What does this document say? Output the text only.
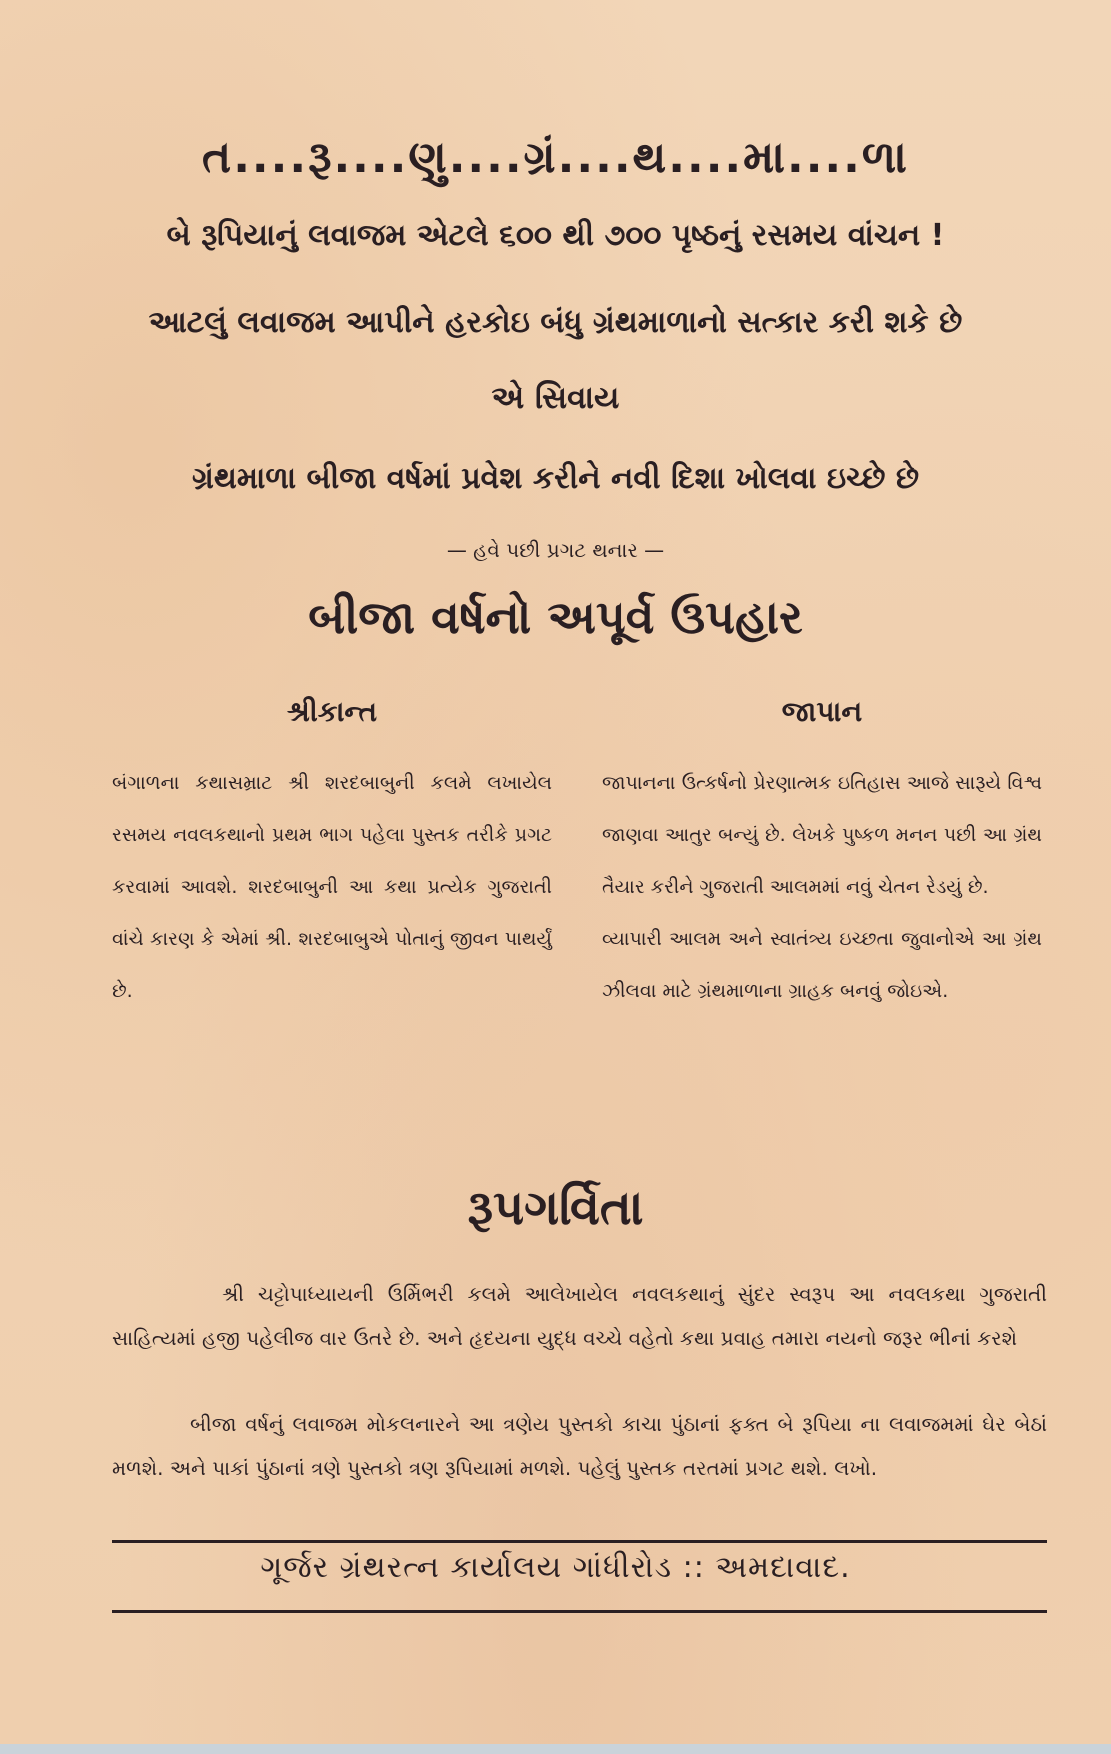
ત....રૂ....ણુ....ગ્રં....થ....મા....ળા
બે રૂપિયાનું લવાજમ એટલે ૬૦૦ થી ૭૦૦ પૃષ્ઠનું રસમય વાંચન !
આટલું લવાજમ આપીને હરકોઇ બંધુ ગ્રંથમાળાનો સત્કાર કરી શકે છે
એ સિવાય
ગ્રંથમાળા બીજા વર્ષમાં પ્રવેશ કરીને નવી દિશા ખોલવા ઇચ્છે છે
— હવે પછી પ્રગટ થનાર —
બીજા વર્ષનો અપૂર્વ ઉપહાર
શ્રીકાન્ત
બંગાળના કથાસમ્રાટ શ્રી શરદબાબુની કલમે લખાયેલ રસમય નવલકથાનો પ્રથમ ભાગ પહેલા પુસ્તક તરીકે પ્રગટ કરવામાં આવશે. શરદબાબુની આ કથા પ્રત્યેક ગુજરાતી વાંચે કારણ કે એમાં શ્રી. શરદબાબુએ પોતાનું જીવન પાથર્યું છે.
જાપાન
જાપાનના ઉત્કર્ષનો પ્રેરણાત્મક ઇતિહાસ આજે સારૂયે વિશ્વ જાણવા આતુર બન્યું છે. લેખકે પુષ્કળ મનન પછી આ ગ્રંથ તૈયાર કરીને ગુજરાતી આલમમાં નવું ચેતન રેડયું છે.
વ્યાપારી આલમ અને સ્વાતંત્ર્ય ઇચ્છતા જુવાનોએ આ ગ્રંથ ઝીલવા માટે ગ્રંથમાળાના ગ્રાહક બનવું જોઇએ.
રૂપગર્વિતા
શ્રી ચટ્ટોપાધ્યાયની ઉર્મિભરી કલમે આલેખાયેલ નવલકથાનું સુંદર સ્વરૂપ આ નવલકથા ગુજરાતી સાહિત્યમાં હજી પહેલીજ વાર ઉતરે છે. અને હૃદયના યુદ્ધ વચ્ચે વહેતો કથા પ્રવાહ તમારા નયનો જરૂર ભીનાં કરશે
બીજા વર્ષનું લવાજમ મોકલનારને આ ત્રણેય પુસ્તકો કાચા પુંઠાનાં ફક્ત બે રૂપિયા ના લવાજમમાં ઘેર બેઠાં મળશે. અને પાકાં પુંઠાનાં ત્રણે પુસ્તકો ત્રણ રૂપિયામાં મળશે. પહેલું પુસ્તક તરતમાં પ્રગટ થશે. લખો.
ગૂર્જર ગ્રંથરત્ન કાર્યાલય ગાંધીરોડ :: અમદાવાદ.
